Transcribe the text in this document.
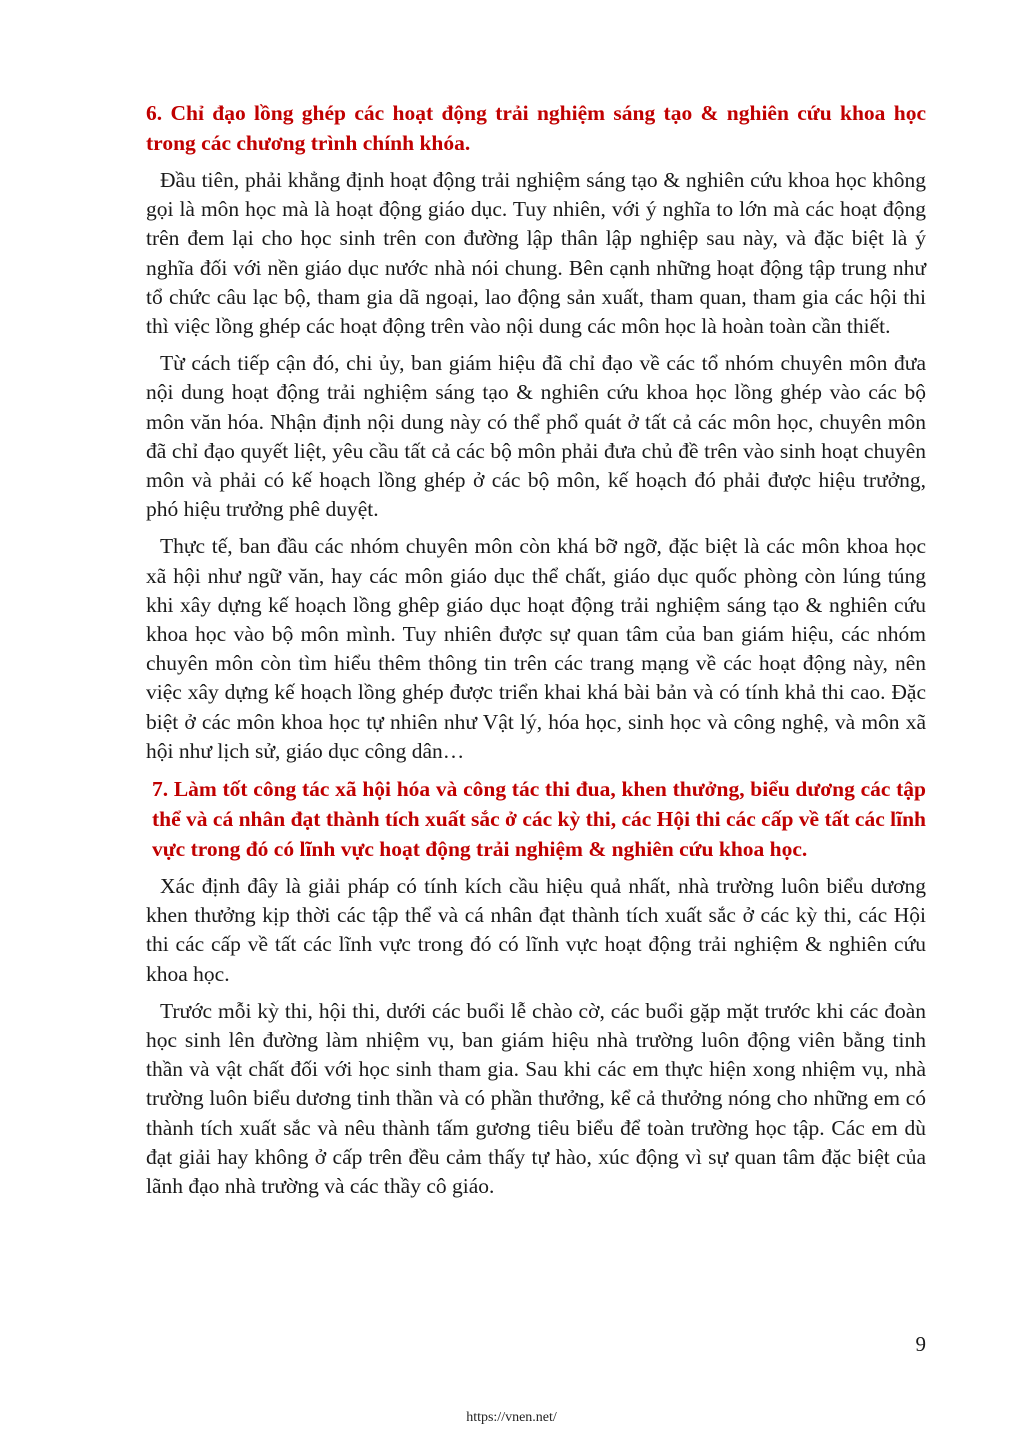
6. Chỉ đạo lồng ghép các hoạt động trải nghiệm sáng tạo & nghiên cứu khoa học trong các chương trình chính khóa.

Đầu tiên, phải khẳng định hoạt động trải nghiệm sáng tạo & nghiên cứu khoa học không gọi là môn học mà là hoạt động giáo dục. Tuy nhiên, với ý nghĩa to lớn mà các hoạt động trên đem lại cho học sinh trên con đường lập thân lập nghiệp sau này, và đặc biệt là ý nghĩa đối với nền giáo dục nước nhà nói chung. Bên cạnh những hoạt động tập trung như tổ chức câu lạc bộ, tham gia dã ngoại, lao động sản xuất, tham quan, tham gia các hội thi thì việc lồng ghép các hoạt động trên vào nội dung các môn học là hoàn toàn cần thiết.

Từ cách tiếp cận đó, chi ủy, ban giám hiệu đã chỉ đạo về các tổ nhóm chuyên môn đưa nội dung hoạt động trải nghiệm sáng tạo & nghiên cứu khoa học lồng ghép vào các bộ môn văn hóa. Nhận định nội dung này có thể phổ quát ở tất cả các môn học, chuyên môn đã chỉ đạo quyết liệt, yêu cầu tất cả các bộ môn phải đưa chủ đề trên vào sinh hoạt chuyên môn và phải có kế hoạch lồng ghép ở các bộ môn, kế hoạch đó phải được hiệu trưởng, phó hiệu trưởng phê duyệt.

Thực tế, ban đầu các nhóm chuyên môn còn khá bỡ ngỡ, đặc biệt là các môn khoa học xã hội như ngữ văn, hay các môn giáo dục thể chất, giáo dục quốc phòng còn lúng túng khi xây dựng kế hoạch lồng ghêp giáo dục hoạt động trải nghiệm sáng tạo & nghiên cứu khoa học vào bộ môn mình. Tuy nhiên được sự quan tâm của ban giám hiệu, các nhóm chuyên môn còn tìm hiểu thêm thông tin trên các trang mạng về các hoạt động này, nên việc xây dựng kế hoạch lồng ghép được triển khai khá bài bản và có tính khả thi cao. Đặc biệt ở các môn khoa học tự nhiên như Vật lý, hóa học, sinh học và công nghệ, và môn xã hội như lịch sử, giáo dục công dân…

7. Làm tốt công tác xã hội hóa và công tác thi đua, khen thưởng, biểu dương các tập thể và cá nhân đạt thành tích xuất sắc ở các kỳ thi, các Hội thi các cấp về tất các lĩnh vực trong đó có lĩnh vực hoạt động trải nghiệm & nghiên cứu khoa học.

Xác định đây là giải pháp có tính kích cầu hiệu quả nhất, nhà trường luôn biểu dương khen thưởng kịp thời các tập thể và cá nhân đạt thành tích xuất sắc ở các kỳ thi, các Hội thi các cấp về tất các lĩnh vực trong đó có lĩnh vực hoạt động trải nghiệm & nghiên cứu khoa học.

Trước mỗi kỳ thi, hội thi, dưới các buổi lễ chào cờ, các buổi gặp mặt trước khi các đoàn học sinh lên đường làm nhiệm vụ, ban giám hiệu nhà trường luôn động viên bằng tinh thần và vật chất đối với học sinh tham gia. Sau khi các em thực hiện xong nhiệm vụ, nhà trường luôn biểu dương tinh thần và có phần thưởng, kể cả thưởng nóng cho những em có thành tích xuất sắc và nêu thành tấm gương tiêu biểu để toàn trường học tập. Các em dù đạt giải hay không ở cấp trên đều cảm thấy tự hào, xúc động vì sự quan tâm đặc biệt của lãnh đạo nhà trường và các thầy cô giáo.

9
https://vnen.net/
